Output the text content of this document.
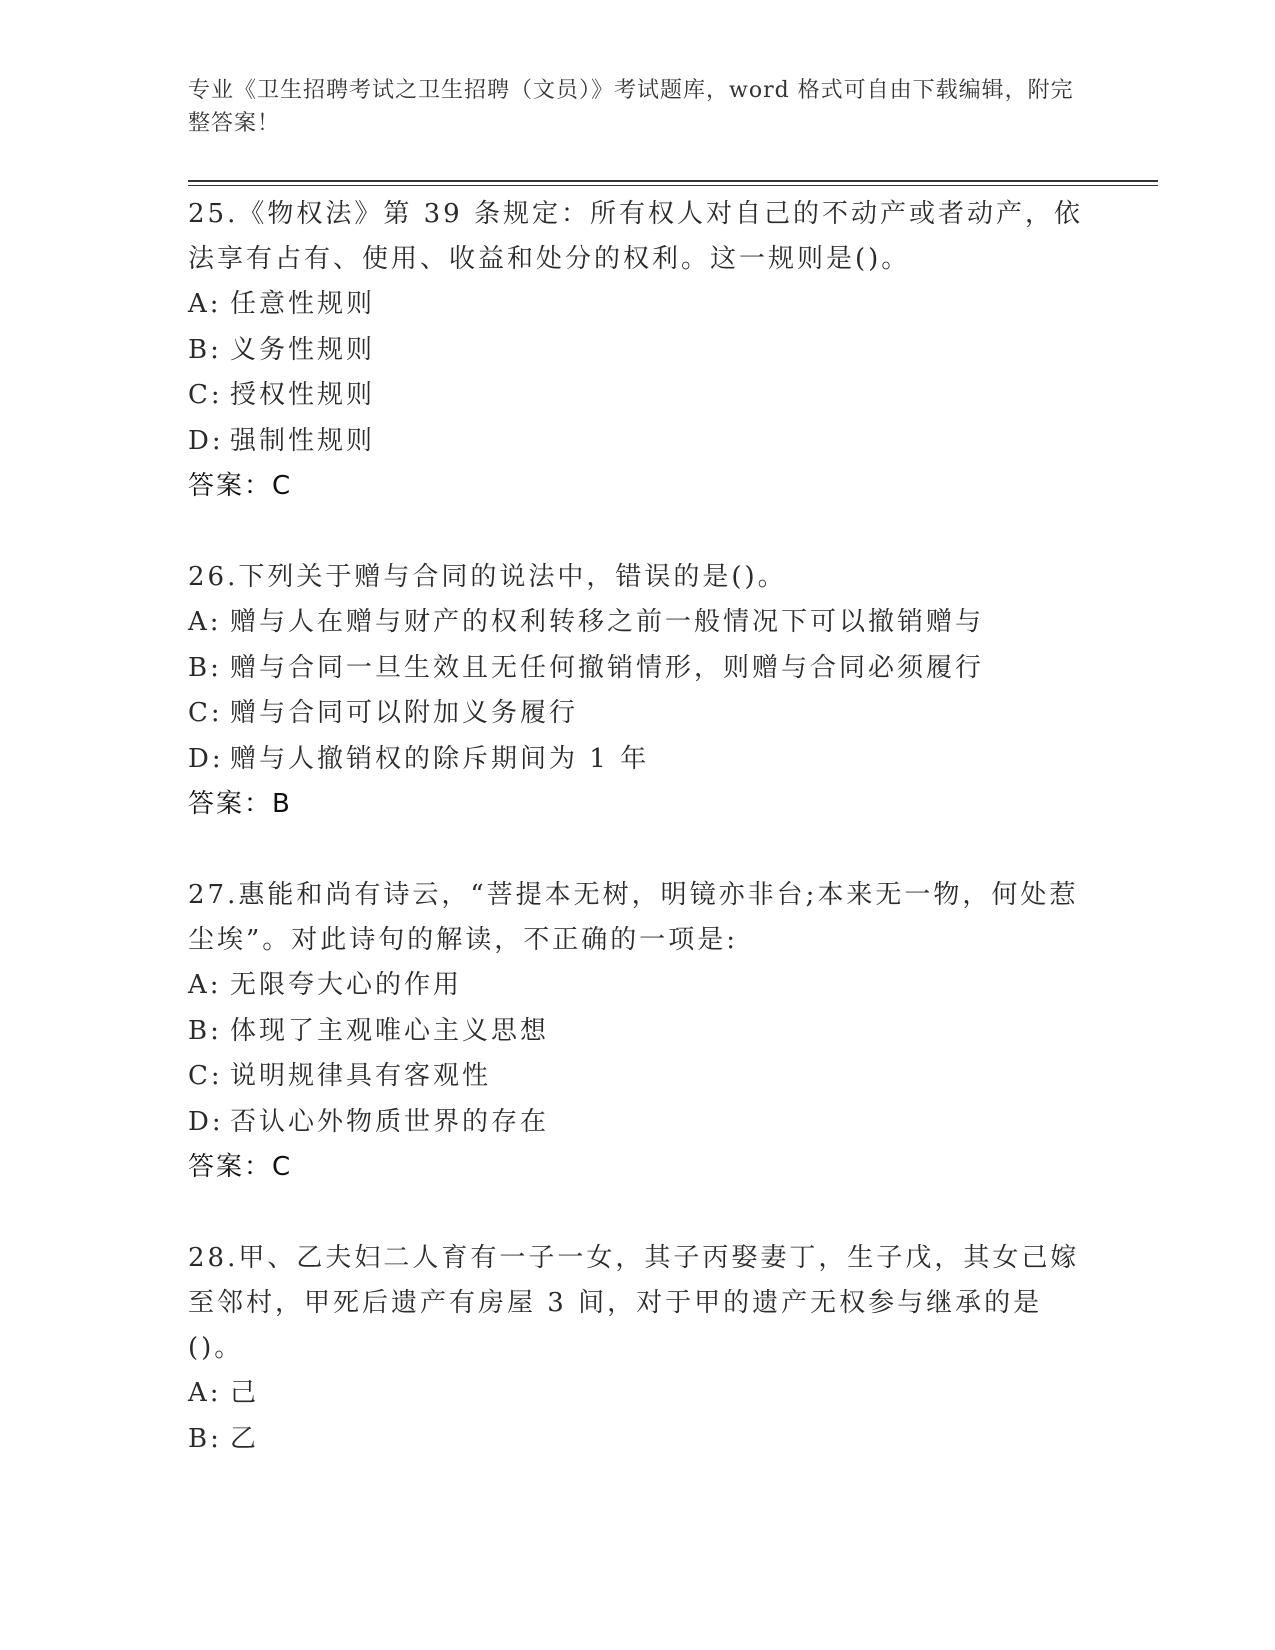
专业《卫生招聘考试之卫生招聘（文员）》考试题库，word 格式可自由下载编辑，附完整答案！

25.《物权法》第 39 条规定：所有权人对自己的不动产或者动产，依法享有占有、使用、收益和处分的权利。这一规则是()。

A: 任意性规则

B: 义务性规则

C: 授权性规则

D: 强制性规则

答案：C

26.下列关于赠与合同的说法中，错误的是()。

A: 赠与人在赠与财产的权利转移之前一般情况下可以撤销赠与

B: 赠与合同一旦生效且无任何撤销情形，则赠与合同必须履行

C: 赠与合同可以附加义务履行

D: 赠与人撤销权的除斥期间为 1 年

答案：B

27.惠能和尚有诗云，“菩提本无树，明镜亦非台;本来无一物，何处惹尘埃”。对此诗句的解读，不正确的一项是:

A: 无限夸大心的作用

B: 体现了主观唯心主义思想

C: 说明规律具有客观性

D: 否认心外物质世界的存在

答案：C

28.甲、乙夫妇二人育有一子一女，其子丙娶妻丁，生子戊，其女己嫁至邻村，甲死后遗产有房屋 3 间，对于甲的遗产无权参与继承的是()。

A: 己

B: 乙
